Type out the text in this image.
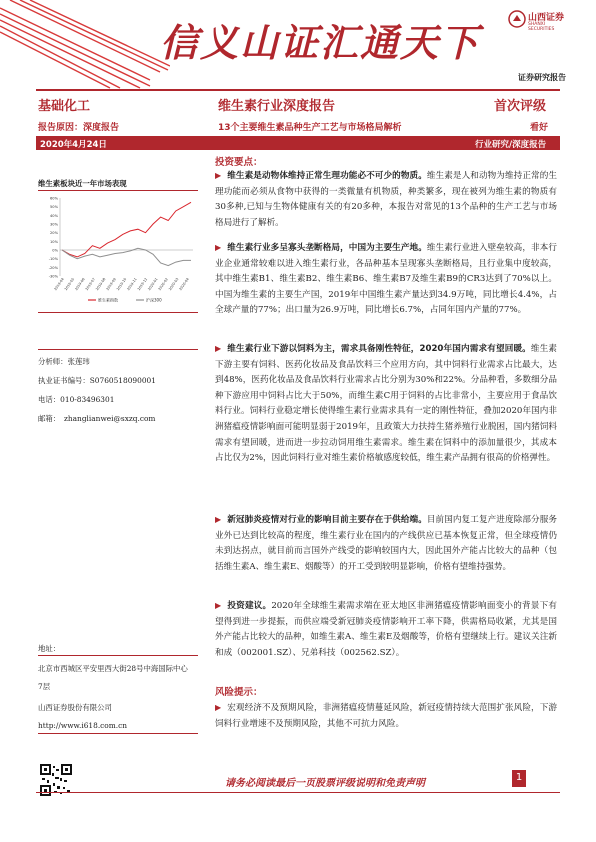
信义山证汇通天下
山西证券
SHANXI SECURITIES
证券研究报告
基础化工	维生素行业深度报告	首次评级
报告原因：深度报告	13个主要维生素品种生产工艺与市场格局解析	看好
2020年4月24日	行业研究/深度报告
维生素板块近一年市场表现
60%
50%
40%
30%
20%
10%
0%
-10%
-20%
-30%
2019-04 2019-05 2019-06 2019-07 2019-08 2019-09 2019-10 2019-11 2019-12 2020-01 2020-02 2020-03 2020-04
维生素指数	沪深300
分析师：张莲玮
执业证书编号：S0760518090001
电话：010-83496301
邮箱： zhanglianwei@sxzq.com
地址：
北京市西城区平安里西大街28号中海国际中心7层
山西证券股份有限公司
http://www.i618.com.cn
投资要点：
▶ 维生素是动物体维持正常生理功能必不可少的物质。维生素是人和动物为维持正常的生理功能而必须从食物中获得的一类微量有机物质，种类繁多，现在被列为维生素的物质有30多种,已知与生物体健康有关的有20多种，本报告对常见的13个品种的生产工艺与市场格局进行了解析。
▶ 维生素行业多呈寡头垄断格局，中国为主要生产地。维生素行业进入壁垒较高，非本行业企业通常较难以进入维生素行业，各品种基本呈现寡头垄断格局，且行业集中度较高，其中维生素B1、维生素B2、维生素B6、维生素B7及维生素B9的CR3达到了70%以上。中国为维生素的主要生产国，2019年中国维生素产量达到34.9万吨，同比增长4.4%，占全球产量的77%；出口量为26.9万吨，同比增长6.7%，占同年国内产量的77%。
▶ 维生素行业下游以饲料为主，需求具备刚性特征，2020年国内需求有望回暖。维生素下游主要有饲料、医药化妆品及食品饮料三个应用方向，其中饲料行业需求占比最大，达到48%，医药化妆品及食品饮料行业需求占比分别为30%和22%。分品种看，多数细分品种下游应用中饲料占比大于50%，而维生素C用于饲料的占比非常小，主要应用于食品饮料行业。饲料行业稳定增长使得维生素行业需求具有一定的刚性特征，叠加2020年国内非洲猪瘟疫情影响面可能明显弱于2019年，且政策大力扶持生猪养殖行业脱困，国内猪饲料需求有望回暖，进而进一步拉动饲用维生素需求。维生素在饲料中的添加量很少，其成本占比仅为2%，因此饲料行业对维生素价格敏感度较低，维生素产品拥有很高的价格弹性。
▶ 新冠肺炎疫情对行业的影响目前主要存在于供给端。目前国内复工复产进度除部分服务业外已达到比较高的程度，维生素行业在国内的产线供应已基本恢复正常，但全球疫情仍未到达拐点，就目前而言国外产线受的影响较国内大，因此国外产能占比较大的品种（包括维生素A、维生素E、烟酸等）的开工受到较明显影响，价格有望维持强势。
▶ 投资建议。2020年全球维生素需求端在亚太地区非洲猪瘟疫情影响面变小的背景下有望得到进一步提振，而供应端受新冠肺炎疫情影响开工率下降，供需格局收紧，尤其是国外产能占比较大的品种，如维生素A、维生素E及烟酸等，价格有望继续上行。建议关注新和成（002001.SZ）、兄弟科技（002562.SZ）。
风险提示：
▶ 宏观经济不及预期风险，非洲猪瘟疫情蔓延风险，新冠疫情持续大范围扩张风险，下游饲料行业增速不及预期风险，其他不可抗力风险。
请务必阅读最后一页股票评级说明和免责声明
1
